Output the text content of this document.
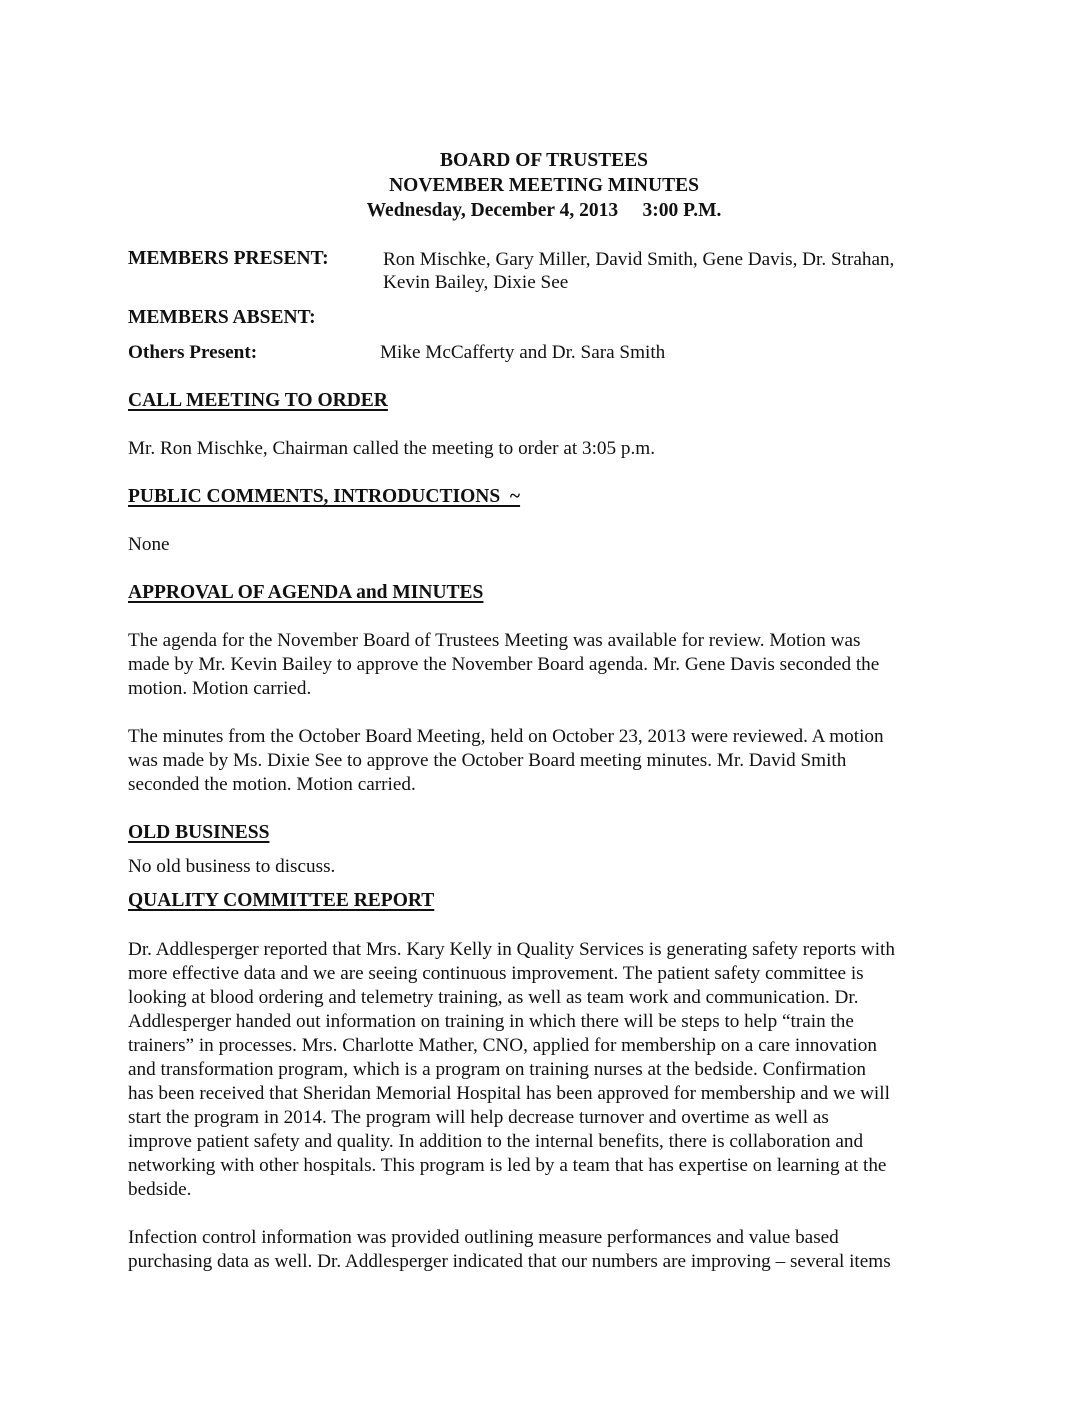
BOARD OF TRUSTEES
NOVEMBER MEETING MINUTES
Wednesday, December 4, 2013     3:00 P.M.
MEMBERS PRESENT:	Ron Mischke, Gary Miller, David Smith, Gene Davis, Dr. Strahan,
Kevin Bailey, Dixie See
MEMBERS ABSENT:
Others Present:	Mike McCafferty and Dr. Sara Smith
CALL MEETING TO ORDER
Mr. Ron Mischke, Chairman called the meeting to order at 3:05 p.m.
PUBLIC COMMENTS, INTRODUCTIONS  ~
None
APPROVAL OF AGENDA and MINUTES
The agenda for the November Board of Trustees Meeting was available for review. Motion was
made by Mr. Kevin Bailey to approve the November Board agenda. Mr. Gene Davis seconded the
motion. Motion carried.
The minutes from the October Board Meeting, held on October 23, 2013 were reviewed. A motion
was made by Ms. Dixie See to approve the October Board meeting minutes. Mr. David Smith
seconded the motion. Motion carried.
OLD BUSINESS
No old business to discuss.
QUALITY COMMITTEE REPORT
Dr. Addlesperger reported that Mrs. Kary Kelly in Quality Services is generating safety reports with
more effective data and we are seeing continuous improvement. The patient safety committee is
looking at blood ordering and telemetry training, as well as team work and communication. Dr.
Addlesperger handed out information on training in which there will be steps to help “train the
trainers” in processes. Mrs. Charlotte Mather, CNO, applied for membership on a care innovation
and transformation program, which is a program on training nurses at the bedside. Confirmation
has been received that Sheridan Memorial Hospital has been approved for membership and we will
start the program in 2014. The program will help decrease turnover and overtime as well as
improve patient safety and quality. In addition to the internal benefits, there is collaboration and
networking with other hospitals. This program is led by a team that has expertise on learning at the
bedside.
Infection control information was provided outlining measure performances and value based
purchasing data as well. Dr. Addlesperger indicated that our numbers are improving – several items
